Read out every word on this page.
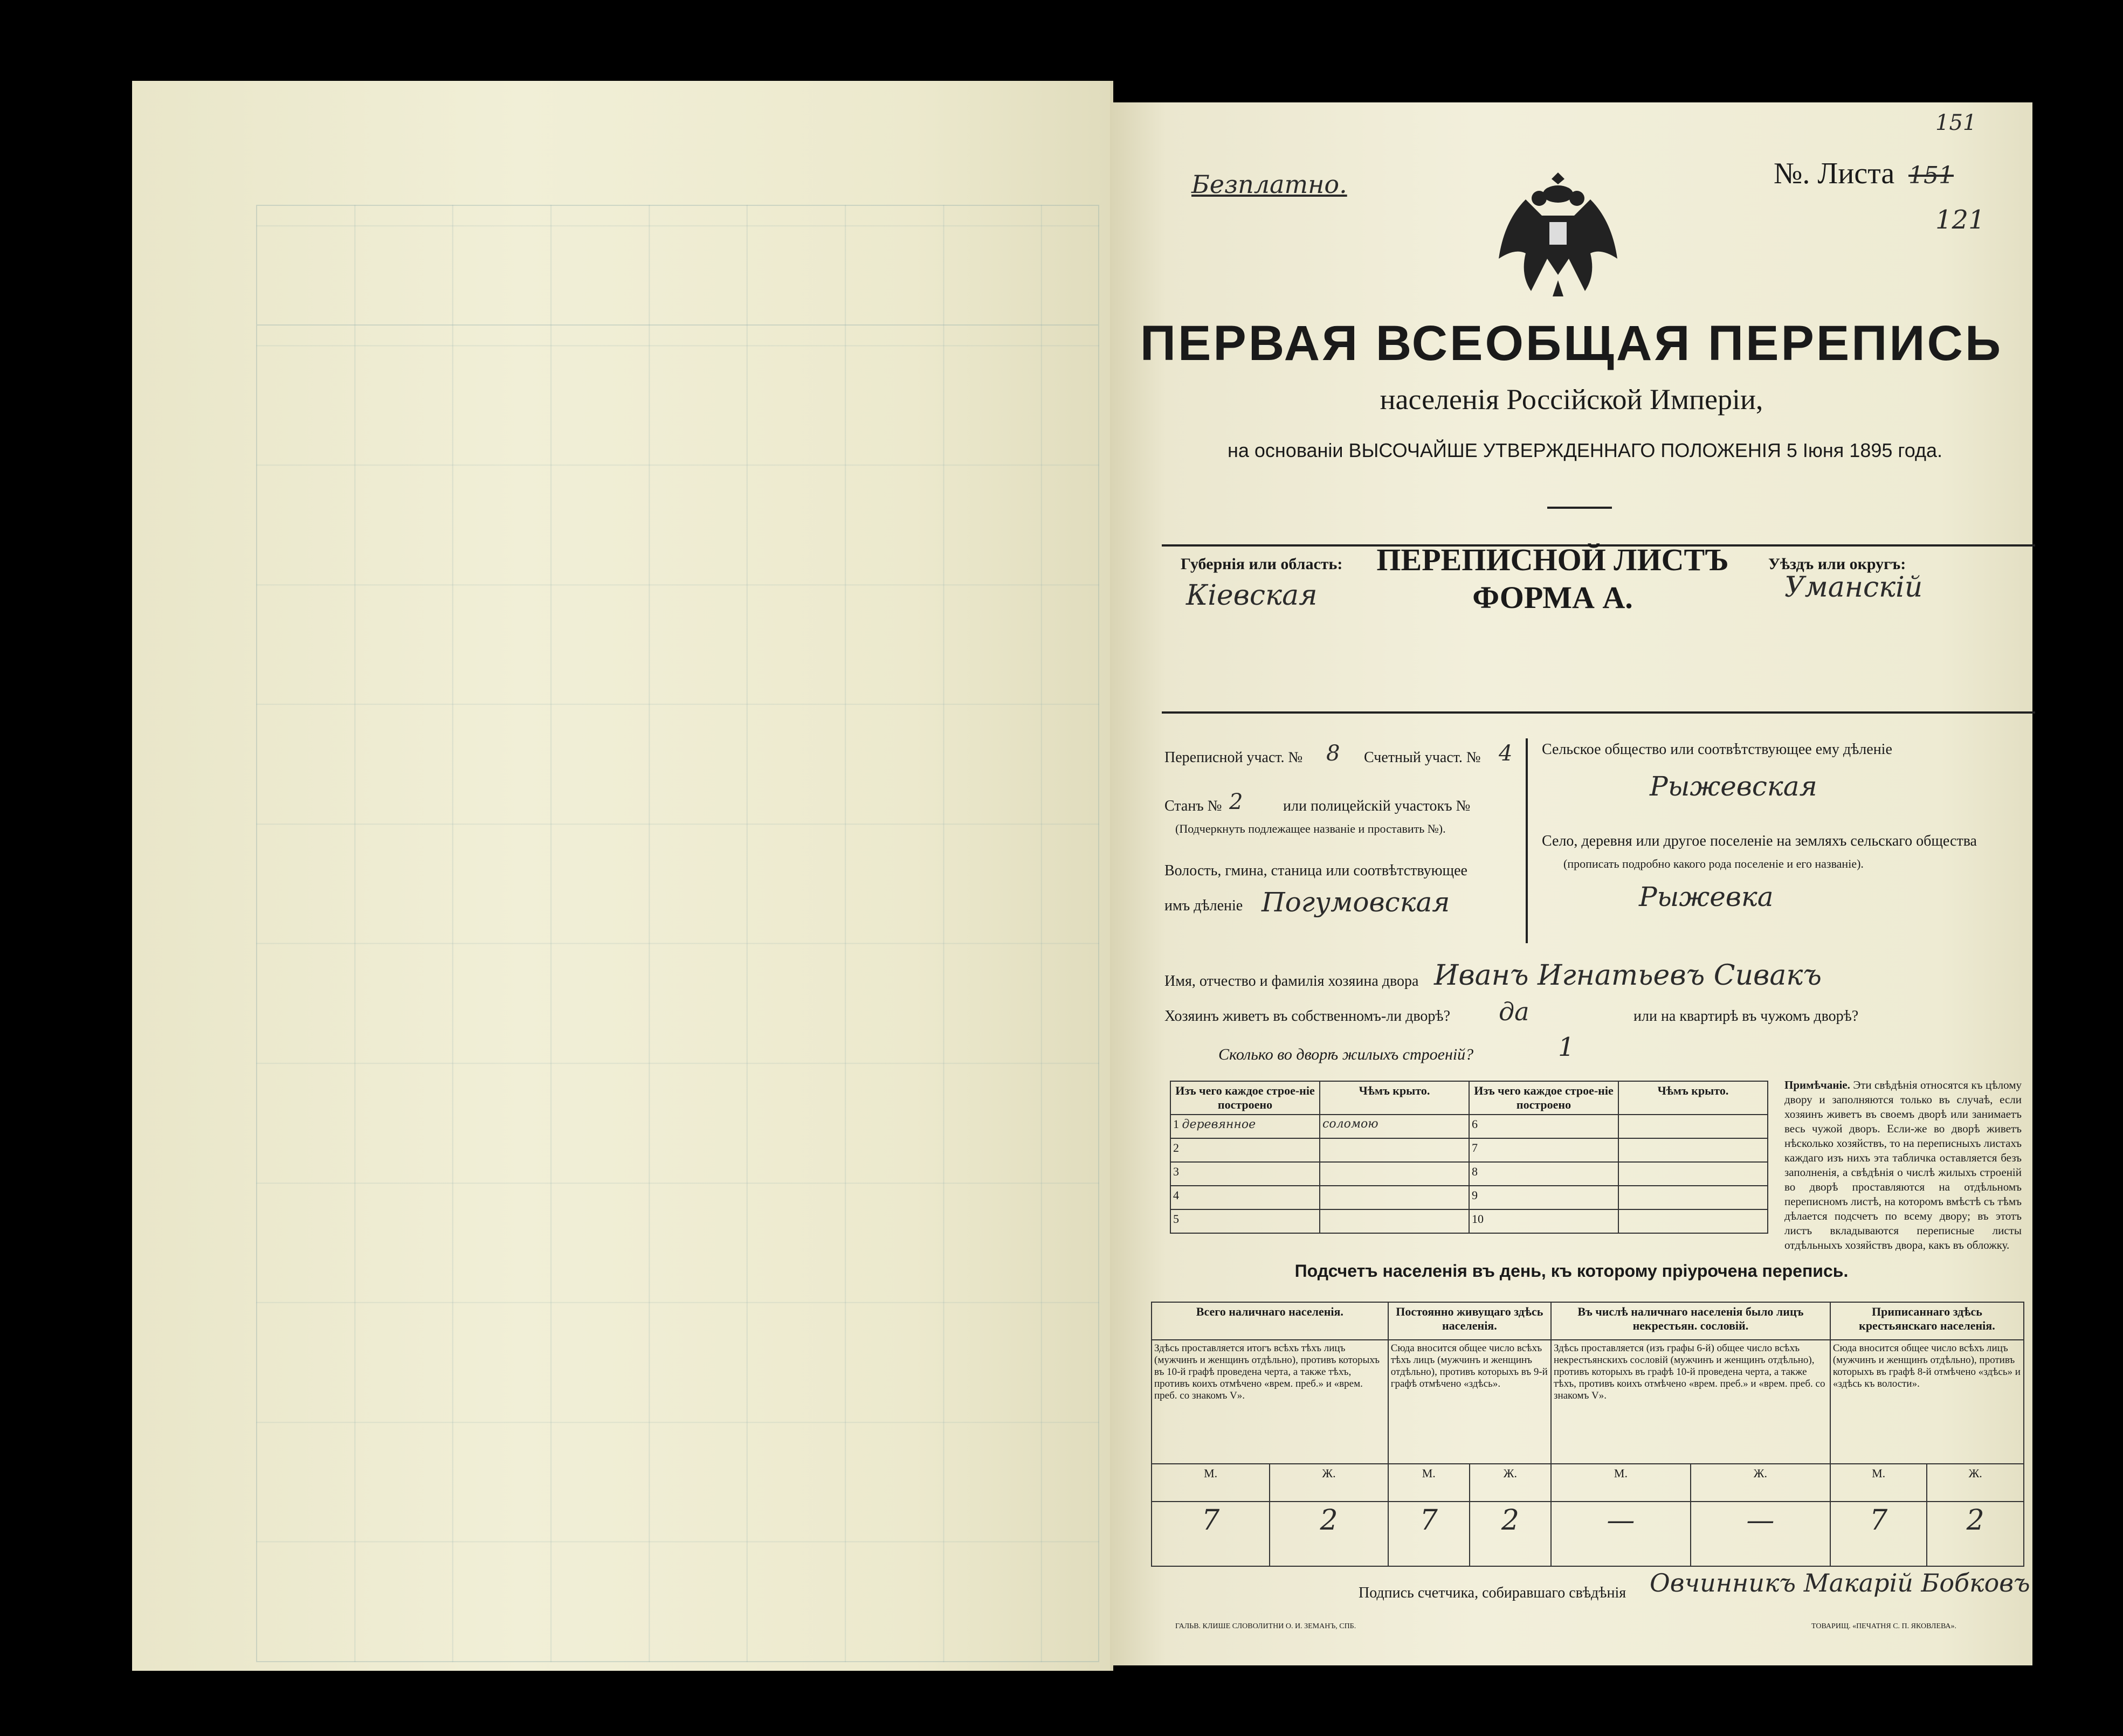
Безплатно.	№. Листа 151
151
121
ПЕРВАЯ ВСЕОБЩАЯ ПЕРЕПИСЬ
населенія Россійской Имперіи,
на основаніи ВЫСОЧАЙШЕ УТВЕРЖДЕННАГО ПОЛОЖЕНІЯ 5 Іюня 1895 года.
Губернія или область:
Кіевская
ПЕРЕПИСНОЙ ЛИСТЪ
ФОРМА А.
Уѣздъ или округъ:
Уманскій
Переписной участ. № 8 Счетный участ. № 4
Станъ № 2	или полицейскій участокъ №
(Подчеркнуть подлежащее названіе и проставить №).
Волость, гмина, станица или соотвѣтствующее
имъ дѣленіе Погумовская
Сельское общество или соотвѣтствующее ему дѣленіе
Рыжевская
Село, деревня или другое поселеніе на земляхъ сельскаго общества
(прописать подробно какого рода поселеніе и его названіе).
Рыжевка
Имя, отчество и фамилія хозяина двора Иванъ Игнатьевъ Сивакъ
Хозяинъ живетъ въ собственномъ-ли дворѣ? да	или на квартирѣ въ чужомъ дворѣ?
Сколько во дворѣ жилыхъ строеній?	1
Изъ чего каждое строе-ніе построено	Чѣмъ крыто.	Изъ чего каждое строе-ніе построено	Чѣмъ крыто.
1 деревянное	соломою	6	
2		7	
3		8	
4		9	
5		10	
Примѣчаніе. Эти свѣдѣнія относятся къ цѣлому двору и заполняются только въ случаѣ, если хозяинъ живетъ въ своемъ дворѣ или занимаетъ весь чужой дворъ. Если-же во дворѣ живетъ нѣсколько хозяйствъ, то на переписныхъ листахъ каждаго изъ нихъ эта табличка оставляется безъ заполненія, а свѣдѣнія о числѣ жилыхъ строеній во дворѣ проставляются на отдѣльномъ переписномъ листѣ, на которомъ вмѣстѣ съ тѣмъ дѣлается подсчетъ по всему двору; въ этотъ листъ вкладываются переписные листы отдѣльныхъ хозяйствъ двора, какъ въ обложку.
Подсчетъ населенія въ день, къ которому пріурочена перепись.
Всего наличнаго населенія.		Постоянно живущаго здѣсь населенія.		Въ числѣ наличнаго населенія было лицъ некрестьян. сословій.		Приписаннаго здѣсь крестьянскаго населенія.	
Здѣсь проставляется итогъ всѣхъ тѣхъ лицъ (мужчинъ и женщинъ отдѣльно), противъ которыхъ въ 10-й графѣ проведена черта, а также тѣхъ, противъ коихъ отмѣчено «врем. преб.» и «врем. преб. со знакомъ V».		Сюда вносится общее число всѣхъ тѣхъ лицъ (мужчинъ и женщинъ отдѣльно), противъ которыхъ въ 9-й графѣ отмѣчено «здѣсь».		Здѣсь проставляется (изъ графы 6-й) общее число всѣхъ некрестьянскихъ сословій (мужчинъ и женщинъ отдѣльно), противъ которыхъ въ графѣ 10-й проведена черта, а также тѣхъ, противъ коихъ отмѣчено «врем. преб.» и «врем. преб. со знакомъ V».		Сюда вносится общее число всѣхъ лицъ (мужчинъ и женщинъ отдѣльно), противъ которыхъ въ графѣ 8-й отмѣчено «здѣсь» и «здѣсь къ волости».	
М.	Ж.	М.	Ж.	М.	Ж.	М.	Ж.
7	2	7	2	—	—	7	2
Подпись счетчика, собиравшаго свѣдѣнія Овчинникъ Макарій Бобковъ
ГАЛЬВ. КЛИШЕ СЛОВОЛИТНИ О. И. ЗЕМАНЪ, СПБ.	ТОВАРИЩ. «ПЕЧАТНЯ С. П. ЯКОВЛЕВА».
